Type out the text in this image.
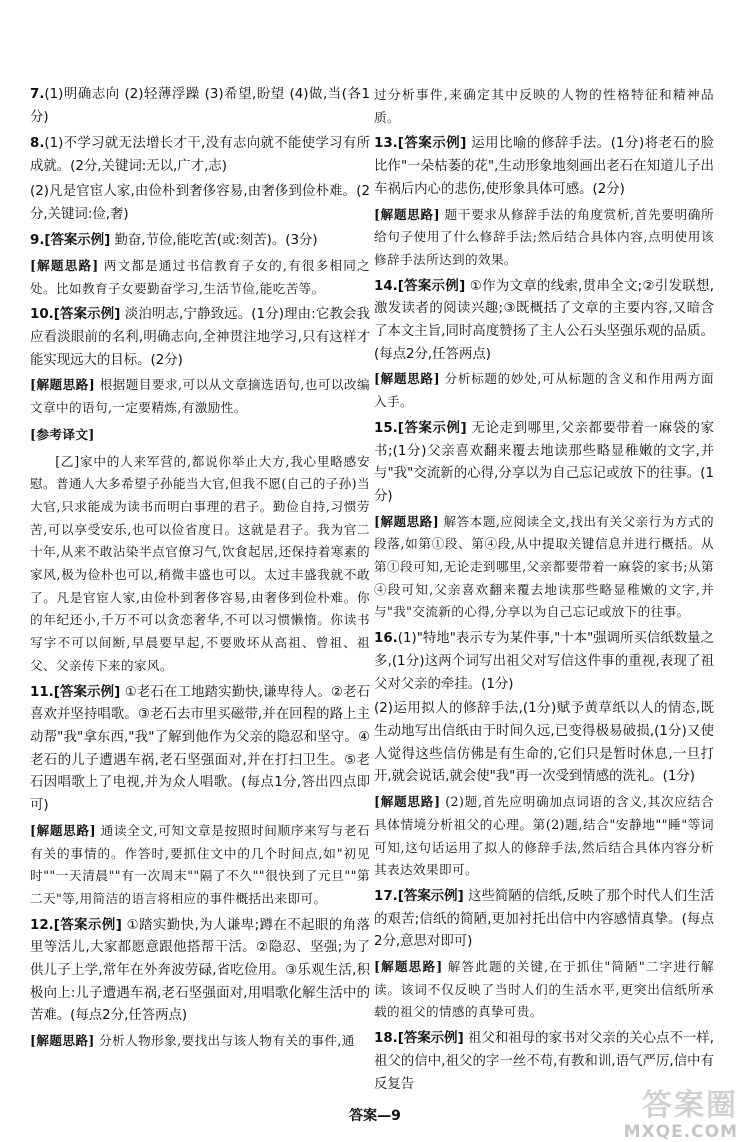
7.(1)明确志向 (2)轻薄浮躁 (3)希望,盼望 (4)做,当(各1分)

8.(1)不学习就无法增长才干,没有志向就不能使学习有所成就。(2分,关键词:无以,广才,志)

(2)凡是官宦人家,由俭朴到奢侈容易,由奢侈到俭朴难。(2分,关键词:俭,奢)

9.[答案示例] 勤奋,节俭,能吃苦(或:刻苦)。(3分)

[解题思路] 两文都是通过书信教育子女的,有很多相同之处。比如教育子女要勤奋学习,生活节俭,能吃苦等。

10.[答案示例] 淡泊明志,宁静致远。(1分)理由:它教会我应看淡眼前的名利,明确志向,全神贯注地学习,只有这样才能实现远大的目标。(2分)

[解题思路] 根据题目要求,可以从文章摘选语句,也可以改编文章中的语句,一定要精炼,有激励性。

[参考译文]

[乙]家中的人来军营的,都说你举止大方,我心里略感安慰。普通人大多希望子孙能当大官,但我不愿(自己的子孙)当大官,只求能成为读书而明白事理的君子。勤俭自持,习惯劳苦,可以享受安乐,也可以俭省度日。这就是君子。我为官二十年,从来不敢沾染半点官僚习气,饮食起居,还保持着寒素的家风,极为俭朴也可以,稍微丰盛也可以。太过丰盛我就不敢了。凡是官宦人家,由俭朴到奢侈容易,由奢侈到俭朴难。你的年纪还小,千万不可以贪恋奢华,不可以习惯懒惰。你读书写字不可以间断,早晨要早起,不要败坏从高祖、曾祖、祖父、父亲传下来的家风。

11.[答案示例] ①老石在工地踏实勤快,谦卑待人。②老石喜欢并坚持唱歌。③老石去市里买磁带,并在回程的路上主动帮"我"拿东西,"我"了解到他作为父亲的隐忍和坚守。④老石的儿子遭遇车祸,老石坚强面对,并在打扫卫生。⑤老石因唱歌上了电视,并为众人唱歌。(每点1分,答出四点即可)

[解题思路] 通读全文,可知文章是按照时间顺序来写与老石有关的事情的。作答时,要抓住文中的几个时间点,如"初见时""一天清晨""有一次周末""隔了不久""很快到了元旦""第二天"等,用简洁的语言将相应的事件概括出来即可。

12.[答案示例] ①踏实勤快,为人谦卑;蹲在不起眼的角落里等活儿,大家都愿意跟他搭帮干活。②隐忍、坚强;为了供儿子上学,常年在外奔波劳碌,省吃俭用。③乐观生活,积极向上:儿子遭遇车祸,老石坚强面对,用唱歌化解生活中的苦难。(每点2分,任答两点)

[解题思路] 分析人物形象,要找出与该人物有关的事件,通

过分析事件,来确定其中反映的人物的性格特征和精神品质。

13.[答案示例] 运用比喻的修辞手法。(1分)将老石的脸比作"一朵枯萎的花",生动形象地刻画出老石在知道儿子出车祸后内心的悲伤,使形象具体可感。(2分)

[解题思路] 题干要求从修辞手法的角度赏析,首先要明确所给句子使用了什么修辞手法;然后结合具体内容,点明使用该修辞手法所达到的效果。

14.[答案示例] ①作为文章的线索,贯串全文;②引发联想,激发读者的阅读兴趣;③既概括了文章的主要内容,又暗含了本文主旨,同时高度赞扬了主人公石头坚强乐观的品质。(每点2分,任答两点)

[解题思路] 分析标题的妙处,可从标题的含义和作用两方面入手。

15.[答案示例] 无论走到哪里,父亲都要带着一麻袋的家书;(1分)父亲喜欢翻来覆去地读那些略显稚嫩的文字,并与"我"交流新的心得,分享以为自己忘记或放下的往事。(1分)

[解题思路] 解答本题,应阅读全文,找出有关父亲行为方式的段落,如第①段、第④段,从中提取关键信息并进行概括。从第①段可知,无论走到哪里,父亲都要带着一麻袋的家书;从第④段可知,父亲喜欢翻来覆去地读那些略显稚嫩的文字,并与"我"交流新的心得,分享以为自己忘记或放下的往事。

16.(1)"特地"表示专为某件事,"十本"强调所买信纸数量之多,(1分)这两个词写出祖父对写信这件事的重视,表现了祖父对父亲的牵挂。(1分)

(2)运用拟人的修辞手法,(1分)赋予黄草纸以人的情态,既生动地写出信纸由于时间久远,已变得极易破损,(1分)又使人觉得这些信仿佛是有生命的,它们只是暂时休息,一旦打开,就会说话,就会使"我"再一次受到情感的洗礼。(1分)

[解题思路] (2)题,首先应明确加点词语的含义,其次应结合具体情境分析祖父的心理。第(2)题,结合"安静地""睡"等词可知,这句话运用了拟人的修辞手法,然后结合具体内容分析其表达效果即可。

17.[答案示例] 这些简陋的信纸,反映了那个时代人们生活的艰苦;信纸的简陋,更加衬托出信中内容感情真挚。(每点2分,意思对即可)

[解题思路] 解答此题的关键,在于抓住"简陋"二字进行解读。该词不仅反映了当时人们的生活水平,更突出信纸所承载的祖父的情感的真挚可贵。

18.[答案示例] 祖父和祖母的家书对父亲的关心点不一样,祖父的信中,祖父的字一丝不苟,有教和训,语气严厉,信中有反复告

答案—9	答案圈
MXQE.COM
